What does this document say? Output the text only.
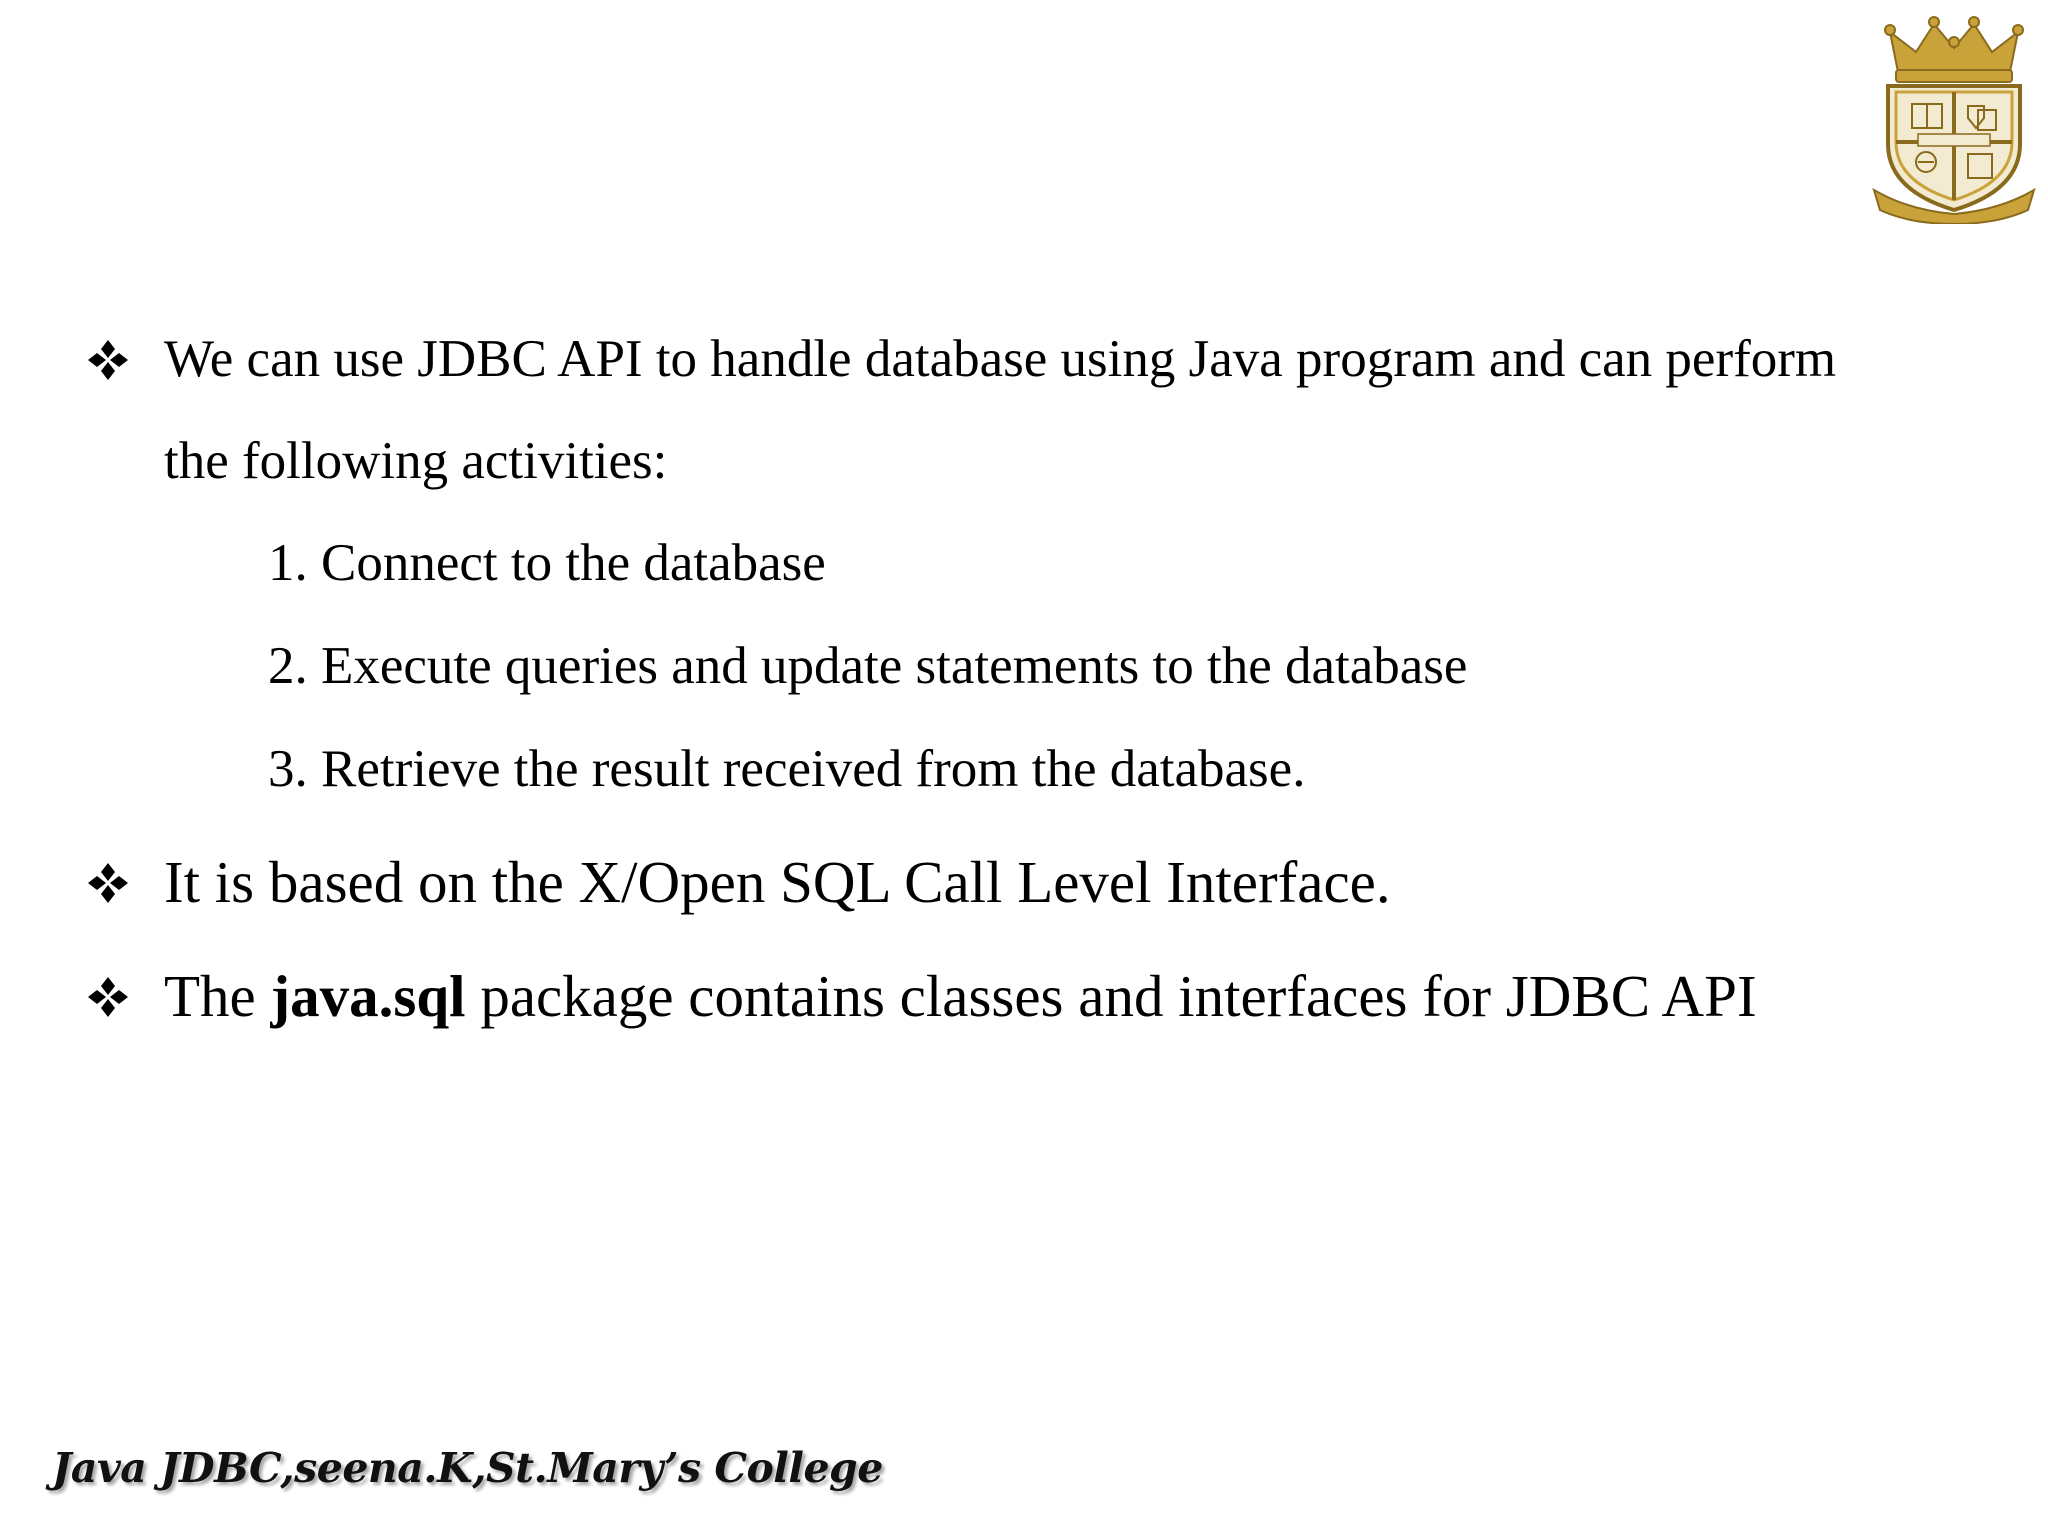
We can use JDBC API to handle database using Java program and can perform
the following activities:
1. Connect to the database
2. Execute queries and update statements to the database
3. Retrieve the result received from the database.
It is based on the X/Open SQL Call Level Interface.
The java.sql package contains classes and interfaces for JDBC API
Java JDBC,seena.K,St.Mary’s College
